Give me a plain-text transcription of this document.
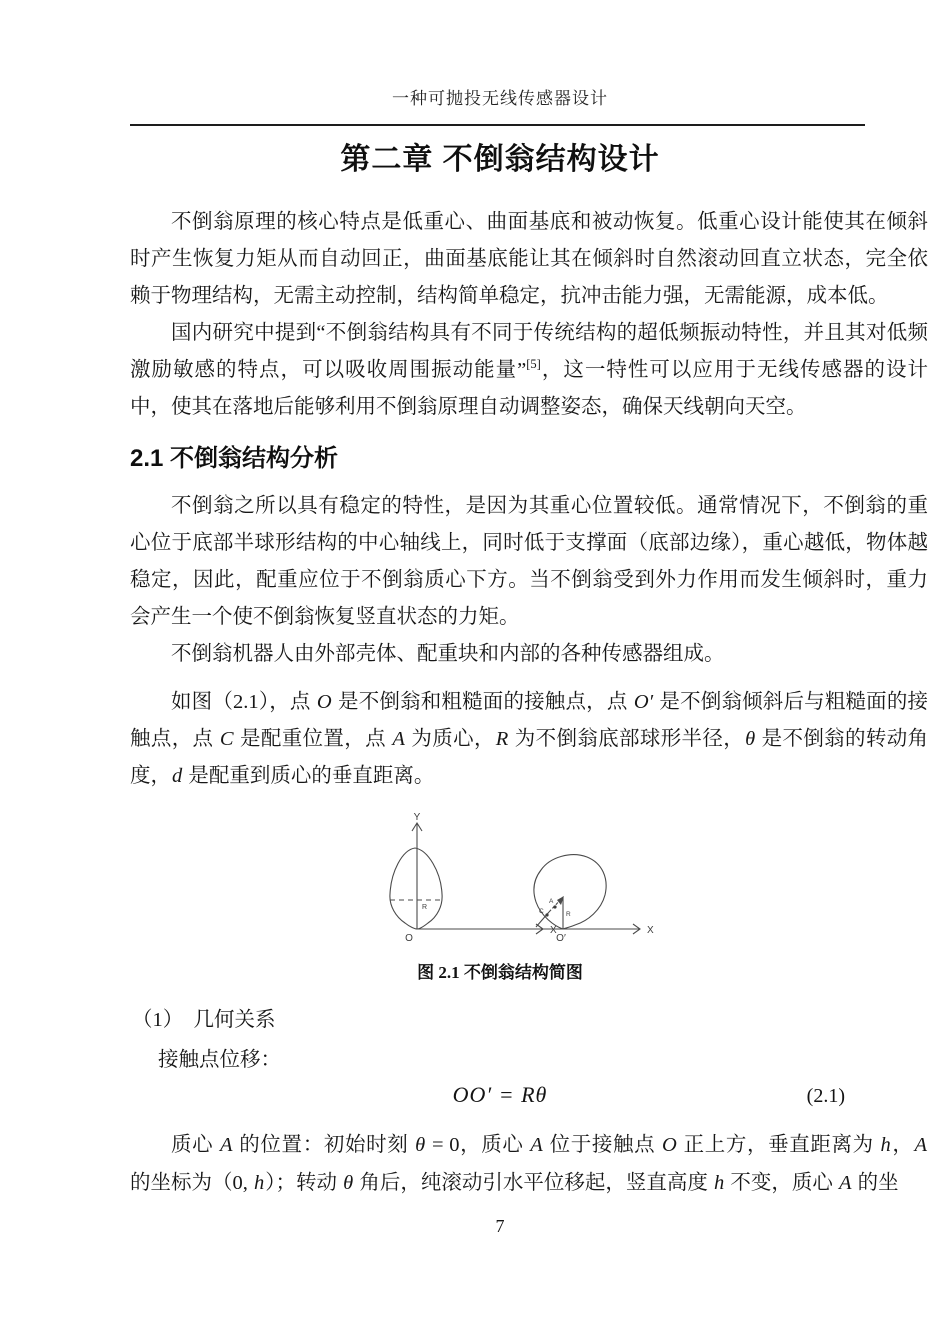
一种可抛投无线传感器设计
第二章 不倒翁结构设计

不倒翁原理的核心特点是低重心、曲面基底和被动恢复。低重心设计能使其在倾斜时产生恢复力矩从而自动回正，曲面基底能让其在倾斜时自然滚动回直立状态，完全依赖于物理结构，无需主动控制，结构简单稳定，抗冲击能力强，无需能源，成本低。

国内研究中提到“不倒翁结构具有不同于传统结构的超低频振动特性，并且其对低频激励敏感的特点，可以吸收周围振动能量”[5]，这一特性可以应用于无线传感器的设计中，使其在落地后能够利用不倒翁原理自动调整姿态，确保天线朝向天空。

2.1 不倒翁结构分析

不倒翁之所以具有稳定的特性，是因为其重心位置较低。通常情况下，不倒翁的重心位于底部半球形结构的中心轴线上，同时低于支撑面（底部边缘），重心越低，物体越稳定，因此，配重应位于不倒翁质心下方。当不倒翁受到外力作用而发生倾斜时，重力会产生一个使不倒翁恢复竖直状态的力矩。

不倒翁机器人由外部壳体、配重块和内部的各种传感器组成。

如图（2.1），点 O 是不倒翁和粗糙面的接触点，点 O′ 是不倒翁倾斜后与粗糙面的接触点，点 C 是配重位置，点 A 为质心，R 为不倒翁底部球形半径，θ 是不倒翁的转动角度，d 是配重到质心的垂直距离。

Y
X
O
R
X
O′
C
A
R
图 2.1 不倒翁结构简图
（1）  几何关系
接触点位移：
OO′ = Rθ	(2.1)

质心 A 的位置：初始时刻 θ = 0，质心 A 位于接触点 O 正上方，垂直距离为 h，A 的坐标为（0, h）；转动 θ 角后，纯滚动引水平位移起，竖直高度 h 不变，质心 A 的坐

7
